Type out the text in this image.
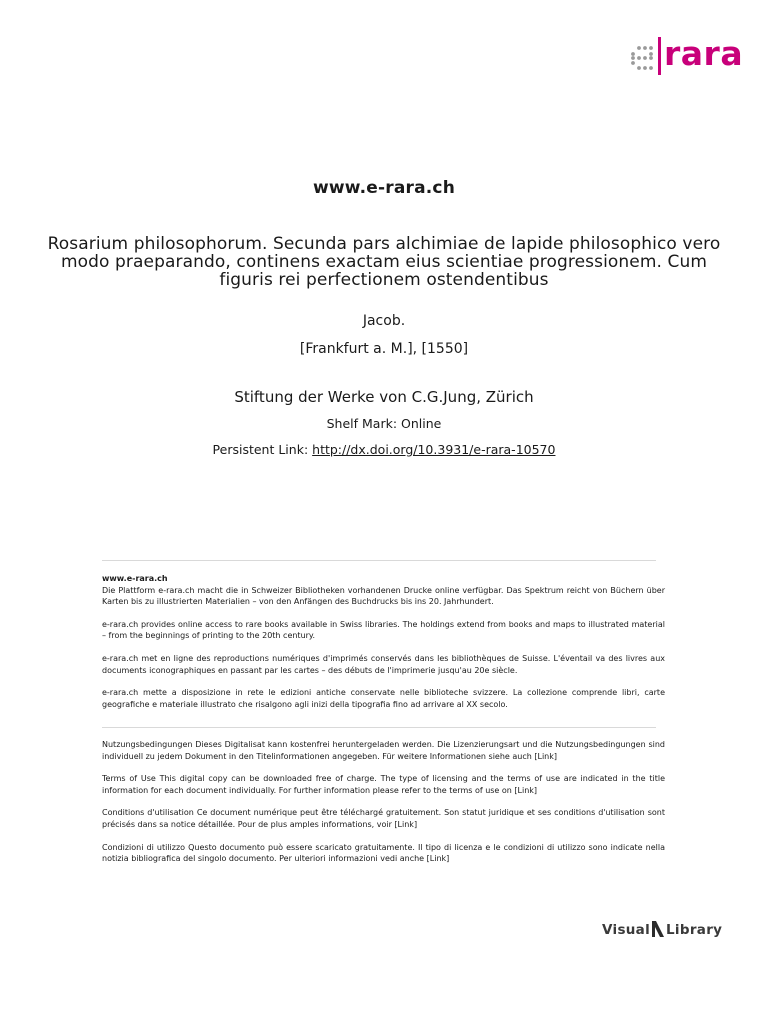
rara
www.e-rara.ch
Rosarium philosophorum. Secunda pars alchimiae de lapide philosophico vero modo praeparando, continens exactam eius scientiae progressionem. Cum figuris rei perfectionem ostendentibus
Jacob.
[Frankfurt a. M.], [1550]
Stiftung der Werke von C.G.Jung, Zürich
Shelf Mark: Online
Persistent Link: http://dx.doi.org/10.3931/e-rara-10570

www.e-rara.ch

Die Plattform e-rara.ch macht die in Schweizer Bibliotheken vorhandenen Drucke online verfügbar. Das Spektrum reicht von Büchern über Karten bis zu illustrierten Materialien – von den Anfängen des Buchdrucks bis ins 20. Jahrhundert.

e-rara.ch provides online access to rare books available in Swiss libraries. The holdings extend from books and maps to illustrated material – from the beginnings of printing to the 20th century.

e-rara.ch met en ligne des reproductions numériques d'imprimés conservés dans les bibliothèques de Suisse. L'éventail va des livres aux documents iconographiques en passant par les cartes – des débuts de l'imprimerie jusqu'au 20e siècle.

e-rara.ch mette a disposizione in rete le edizioni antiche conservate nelle biblioteche svizzere. La collezione comprende libri, carte geografiche e materiale illustrato che risalgono agli inizi della tipografia fino ad arrivare al XX secolo.

Nutzungsbedingungen Dieses Digitalisat kann kostenfrei heruntergeladen werden. Die Lizenzierungsart und die Nutzungsbedingungen sind individuell zu jedem Dokument in den Titelinformationen angegeben. Für weitere Informationen siehe auch [Link]

Terms of Use This digital copy can be downloaded free of charge. The type of licensing and the terms of use are indicated in the title information for each document individually. For further information please refer to the terms of use on [Link]

Conditions d'utilisation Ce document numérique peut être téléchargé gratuitement. Son statut juridique et ses conditions d'utilisation sont précisés dans sa notice détaillée. Pour de plus amples informations, voir [Link]

Condizioni di utilizzo Questo documento può essere scaricato gratuitamente. Il tipo di licenza e le condizioni di utilizzo sono indicate nella notizia bibliografica del singolo documento. Per ulteriori informazioni vedi anche [Link]

Visual Library
